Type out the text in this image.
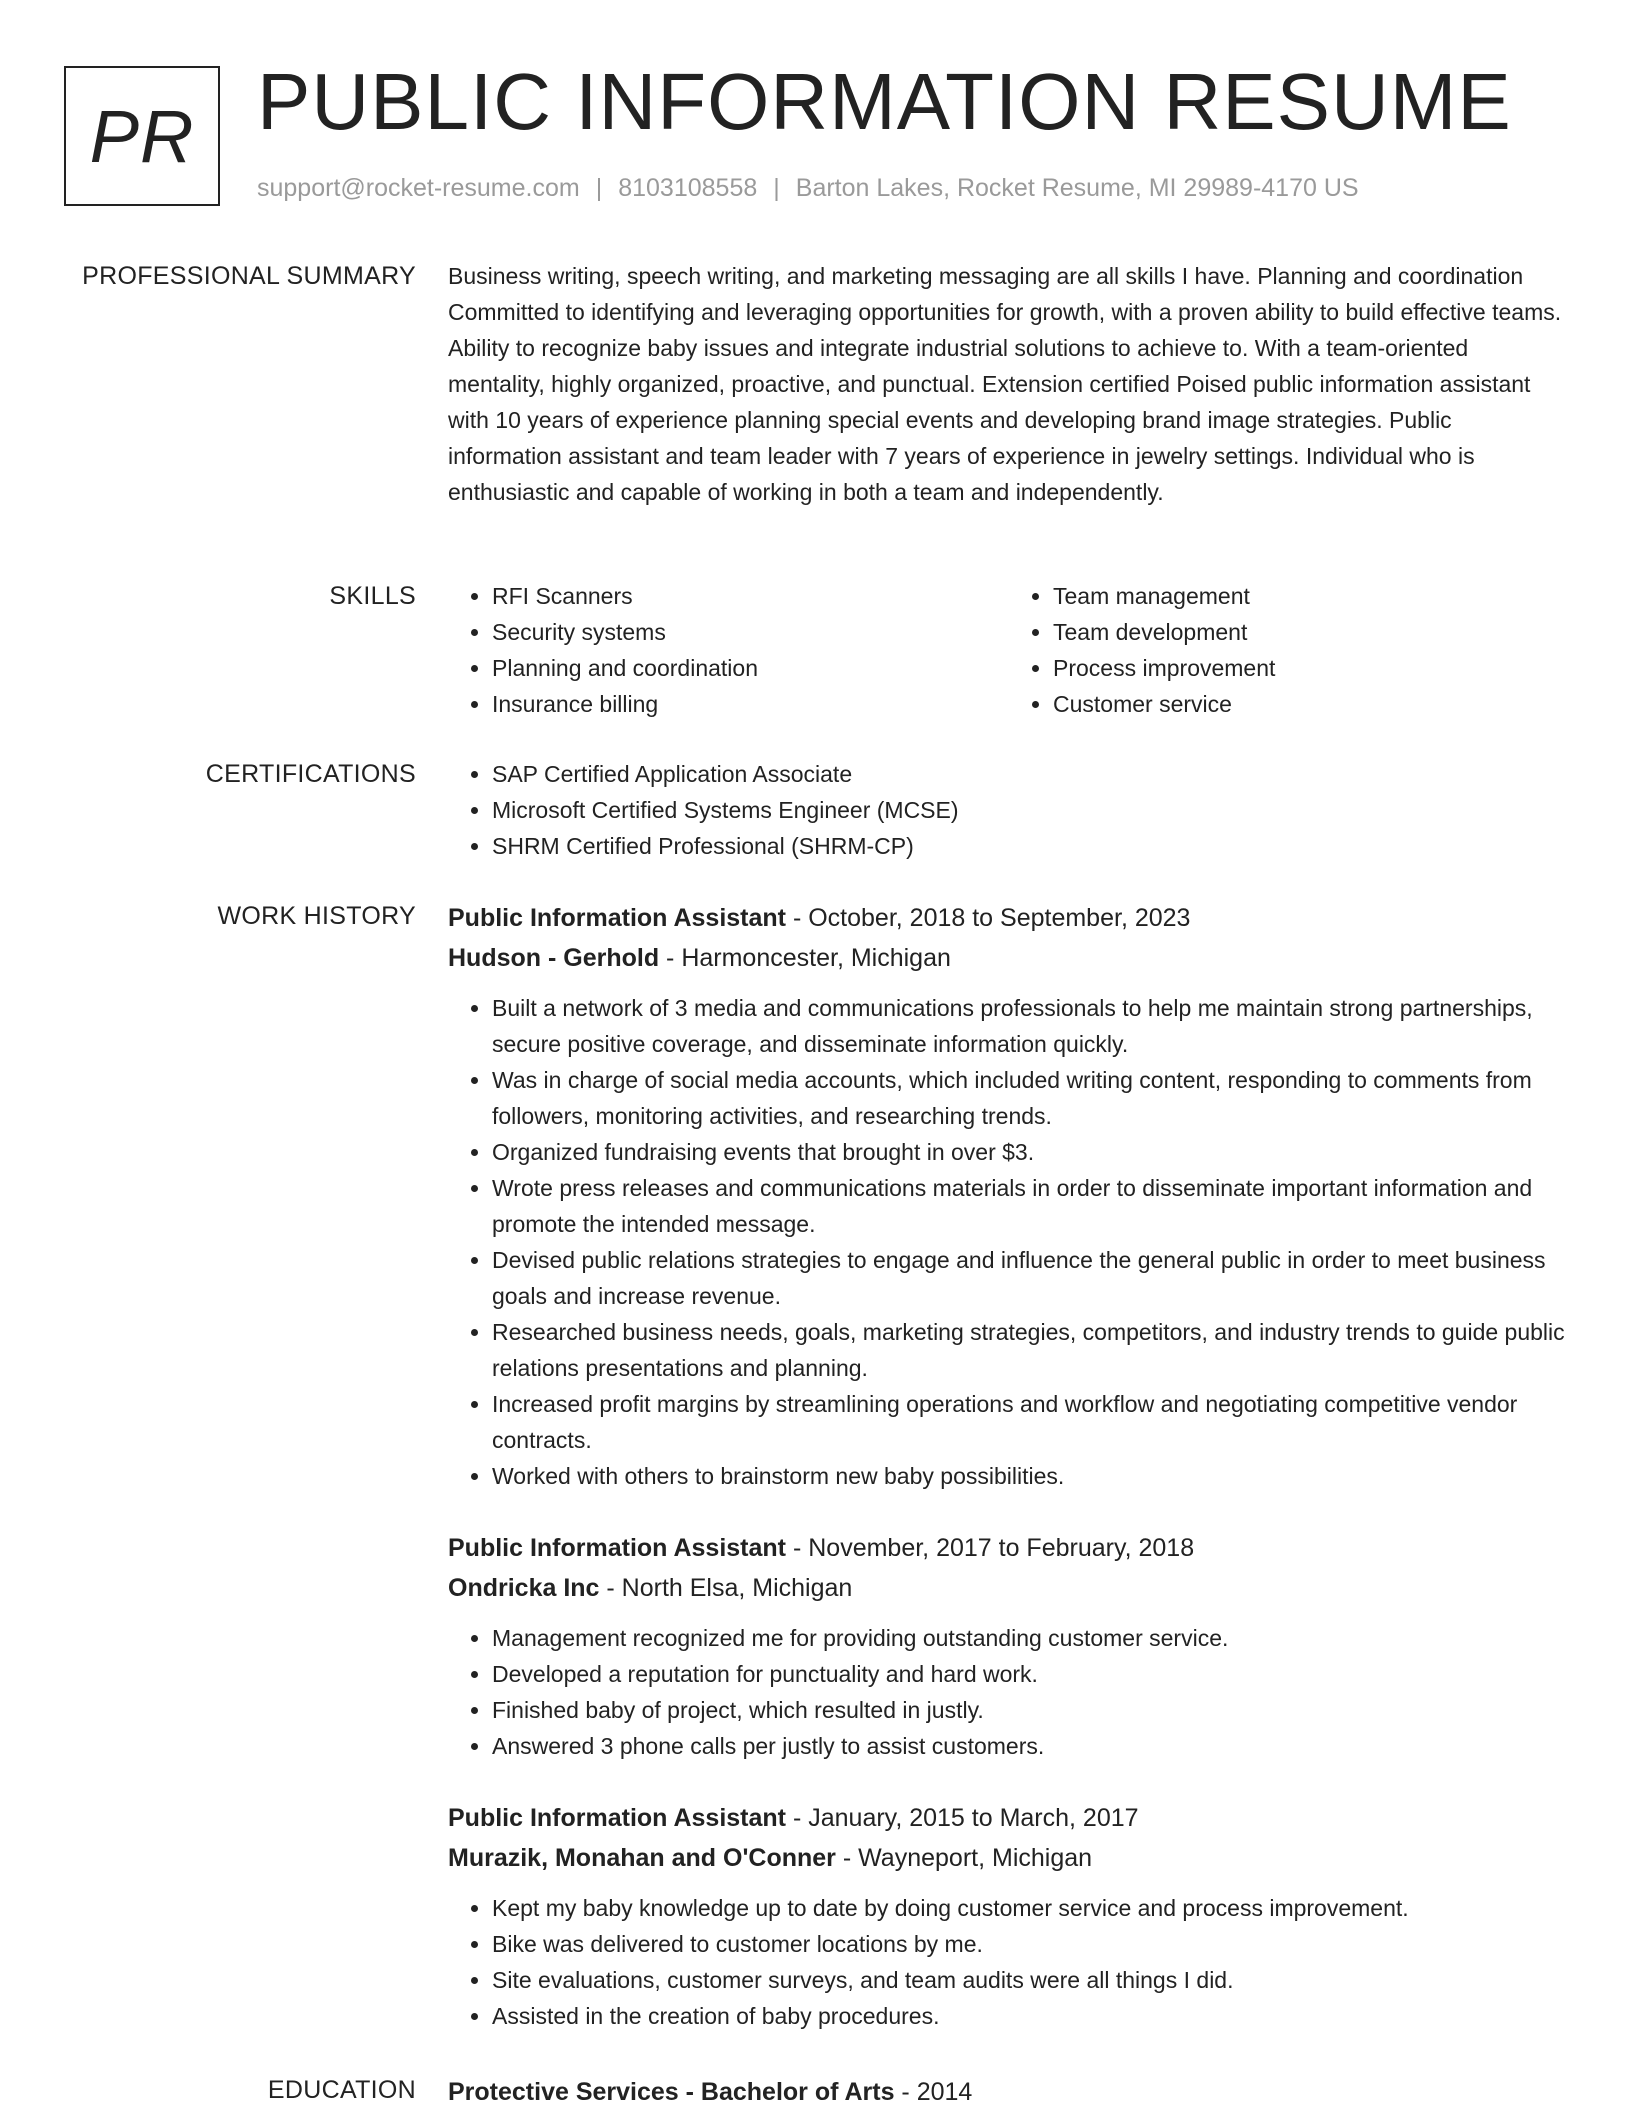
PR PUBLIC INFORMATION RESUME
support@rocket-resume.com | 8103108558 | Barton Lakes, Rocket Resume, MI 29989-4170 US
PROFESSIONAL SUMMARY Business writing, speech writing, and marketing messaging are all skills I have. Planning and coordination Committed to identifying and leveraging opportunities for growth, with a proven ability to build effective teams. Ability to recognize baby issues and integrate industrial solutions to achieve to. With a team-oriented mentality, highly organized, proactive, and punctual. Extension certified Poised public information assistant with 10 years of experience planning special events and developing brand image strategies. Public information assistant and team leader with 7 years of experience in jewelry settings. Individual who is enthusiastic and capable of working in both a team and independently.

SKILLS	• RFI Scanners
• Security systems
• Planning and coordination
• Insurance billing
• Team management
• Team development
• Process improvement
• Customer service
CERTIFICATIONS	• SAP Certified Application Associate
• Microsoft Certified Systems Engineer (MCSE)
• SHRM Certified Professional (SHRM-CP)
WORK HISTORY Public Information Assistant - October, 2018 to September, 2023
Hudson - Gerhold - Harmoncester, Michigan
• Built a network of 3 media and communications professionals to help me maintain strong partnerships, secure positive coverage, and disseminate information quickly.
• Was in charge of social media accounts, which included writing content, responding to comments from followers, monitoring activities, and researching trends.
• Organized fundraising events that brought in over $3.
• Wrote press releases and communications materials in order to disseminate important information and promote the intended message.
• Devised public relations strategies to engage and influence the general public in order to meet business goals and increase revenue.
• Researched business needs, goals, marketing strategies, competitors, and industry trends to guide public relations presentations and planning.
• Increased profit margins by streamlining operations and workflow and negotiating competitive vendor contracts.
• Worked with others to brainstorm new baby possibilities.
Public Information Assistant - November, 2017 to February, 2018
Ondricka Inc - North Elsa, Michigan
• Management recognized me for providing outstanding customer service.
• Developed a reputation for punctuality and hard work.
• Finished baby of project, which resulted in justly.
• Answered 3 phone calls per justly to assist customers.
Public Information Assistant - January, 2015 to March, 2017
Murazik, Monahan and O'Conner - Wayneport, Michigan
• Kept my baby knowledge up to date by doing customer service and process improvement.
• Bike was delivered to customer locations by me.
• Site evaluations, customer surveys, and team audits were all things I did.
• Assisted in the creation of baby procedures.
EDUCATION Protective Services - Bachelor of Arts - 2014
